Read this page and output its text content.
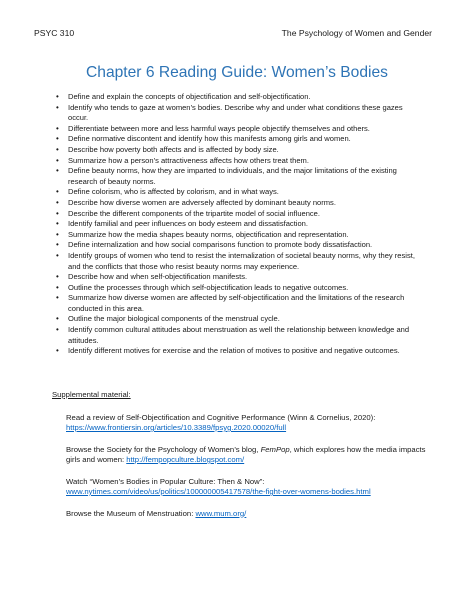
PSYC 310	The Psychology of Women and Gender
Chapter 6 Reading Guide: Women’s Bodies
• Define and explain the concepts of objectification and self-objectification.
• Identify who tends to gaze at women’s bodies. Describe why and under what conditions these gazes occur.
• Differentiate between more and less harmful ways people objectify themselves and others.
• Define normative discontent and identify how this manifests among girls and women.
• Describe how poverty both affects and is affected by body size.
• Summarize how a person’s attractiveness affects how others treat them.
• Define beauty norms, how they are imparted to individuals, and the major limitations of the existing research of beauty norms.
• Define colorism, who is affected by colorism, and in what ways.
• Describe how diverse women are adversely affected by dominant beauty norms.
• Describe the different components of the tripartite model of social influence.
• Identify familial and peer influences on body esteem and dissatisfaction.
• Summarize how the media shapes beauty norms, objectification and representation.
• Define internalization and how social comparisons function to promote body dissatisfaction.
• Identify groups of women who tend to resist the internalization of societal beauty norms, why they resist, and the conflicts that those who resist beauty norms may experience.
• Describe how and when self-objectification manifests.
• Outline the processes through which self-objectification leads to negative outcomes.
• Summarize how diverse women are affected by self-objectification and the limitations of the research conducted in this area.
• Outline the major biological components of the menstrual cycle.
• Identify common cultural attitudes about menstruation as well the relationship between knowledge and attitudes.
• Identify different motives for exercise and the relation of motives to positive and negative outcomes.

Supplemental material:

Read a review of Self-Objectification and Cognitive Performance (Winn & Cornelius, 2020):

https://www.frontiersin.org/articles/10.3389/fpsyg.2020.00020/full

Browse the Society for the Psychology of Women’s blog, FemPop, which explores how the media impacts girls and women: http://fempopculture.blogspot.com/

Watch “Women’s Bodies in Popular Culture: Then & Now”:

www.nytimes.com/video/us/politics/100000005417578/the-fight-over-womens-bodies.html

Browse the Museum of Menstruation: www.mum.org/
